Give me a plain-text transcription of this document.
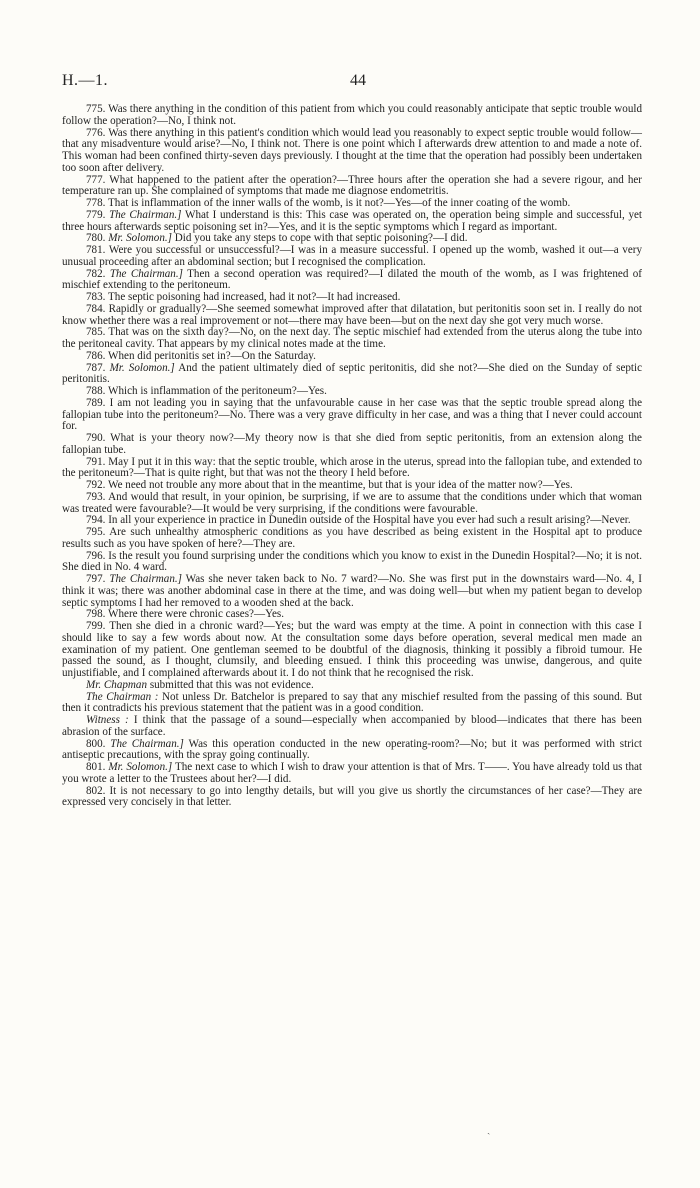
H.—1.	44

775. Was there anything in the condition of this patient from which you could reasonably anticipate that septic trouble would follow the operation?—No, I think not.

776. Was there anything in this patient's condition which would lead you reasonably to expect septic trouble would follow—that any misadventure would arise?—No, I think not. There is one point which I afterwards drew attention to and made a note of. This woman had been confined thirty-seven days previously. I thought at the time that the operation had possibly been undertaken too soon after delivery.

777. What happened to the patient after the operation?—Three hours after the operation she had a severe rigour, and her temperature ran up. She complained of symptoms that made me diagnose endometritis.

778. That is inflammation of the inner walls of the womb, is it not?—Yes—of the inner coating of the womb.

779. The Chairman.] What I understand is this: This case was operated on, the operation being simple and successful, yet three hours afterwards septic poisoning set in?—Yes, and it is the septic symptoms which I regard as important.

780. Mr. Solomon.] Did you take any steps to cope with that septic poisoning?—I did.

781. Were you successful or unsuccessful?—I was in a measure successful. I opened up the womb, washed it out—a very unusual proceeding after an abdominal section; but I recognised the complication.

782. The Chairman.] Then a second operation was required?—I dilated the mouth of the womb, as I was frightened of mischief extending to the peritoneum.

783. The septic poisoning had increased, had it not?—It had increased.

784. Rapidly or gradually?—She seemed somewhat improved after that dilatation, but peritonitis soon set in. I really do not know whether there was a real improvement or not—there may have been—but on the next day she got very much worse.

785. That was on the sixth day?—No, on the next day. The septic mischief had extended from the uterus along the tube into the peritoneal cavity. That appears by my clinical notes made at the time.

786. When did peritonitis set in?—On the Saturday.

787. Mr. Solomon.] And the patient ultimately died of septic peritonitis, did she not?—She died on the Sunday of septic peritonitis.

788. Which is inflammation of the peritoneum?—Yes.

789. I am not leading you in saying that the unfavourable cause in her case was that the septic trouble spread along the fallopian tube into the peritoneum?—No. There was a very grave difficulty in her case, and was a thing that I never could account for.

790. What is your theory now?—My theory now is that she died from septic peritonitis, from an extension along the fallopian tube.

791. May I put it in this way: that the septic trouble, which arose in the uterus, spread into the fallopian tube, and extended to the peritoneum?—That is quite right, but that was not the theory I held before.

792. We need not trouble any more about that in the meantime, but that is your idea of the matter now?—Yes.

793. And would that result, in your opinion, be surprising, if we are to assume that the conditions under which that woman was treated were favourable?—It would be very surprising, if the conditions were favourable.

794. In all your experience in practice in Dunedin outside of the Hospital have you ever had such a result arising?—Never.

795. Are such unhealthy atmospheric conditions as you have described as being existent in the Hospital apt to produce results such as you have spoken of here?—They are.

796. Is the result you found surprising under the conditions which you know to exist in the Dunedin Hospital?—No; it is not. She died in No. 4 ward.

797. The Chairman.] Was she never taken back to No. 7 ward?—No. She was first put in the downstairs ward—No. 4, I think it was; there was another abdominal case in there at the time, and was doing well—but when my patient began to develop septic symptoms I had her removed to a wooden shed at the back.

798. Where there were chronic cases?—Yes.

799. Then she died in a chronic ward?—Yes; but the ward was empty at the time. A point in connection with this case I should like to say a few words about now. At the consultation some days before operation, several medical men made an examination of my patient. One gentleman seemed to be doubtful of the diagnosis, thinking it possibly a fibroid tumour. He passed the sound, as I thought, clumsily, and bleeding ensued. I think this proceeding was unwise, dangerous, and quite unjustifiable, and I complained afterwards about it. I do not think that he recognised the risk.

Mr. Chapman submitted that this was not evidence.

The Chairman : Not unless Dr. Batchelor is prepared to say that any mischief resulted from the passing of this sound. But then it contradicts his previous statement that the patient was in a good condition.

Witness : I think that the passage of a sound—especially when accompanied by blood—indicates that there has been abrasion of the surface.

800. The Chairman.] Was this operation conducted in the new operating-room?—No; but it was performed with strict antiseptic precautions, with the spray going continually.

801. Mr. Solomon.] The next case to which I wish to draw your attention is that of Mrs. T——. You have already told us that you wrote a letter to the Trustees about her?—I did.

802. It is not necessary to go into lengthy details, but will you give us shortly the circumstances of her case?—They are expressed very concisely in that letter.

ˎ
